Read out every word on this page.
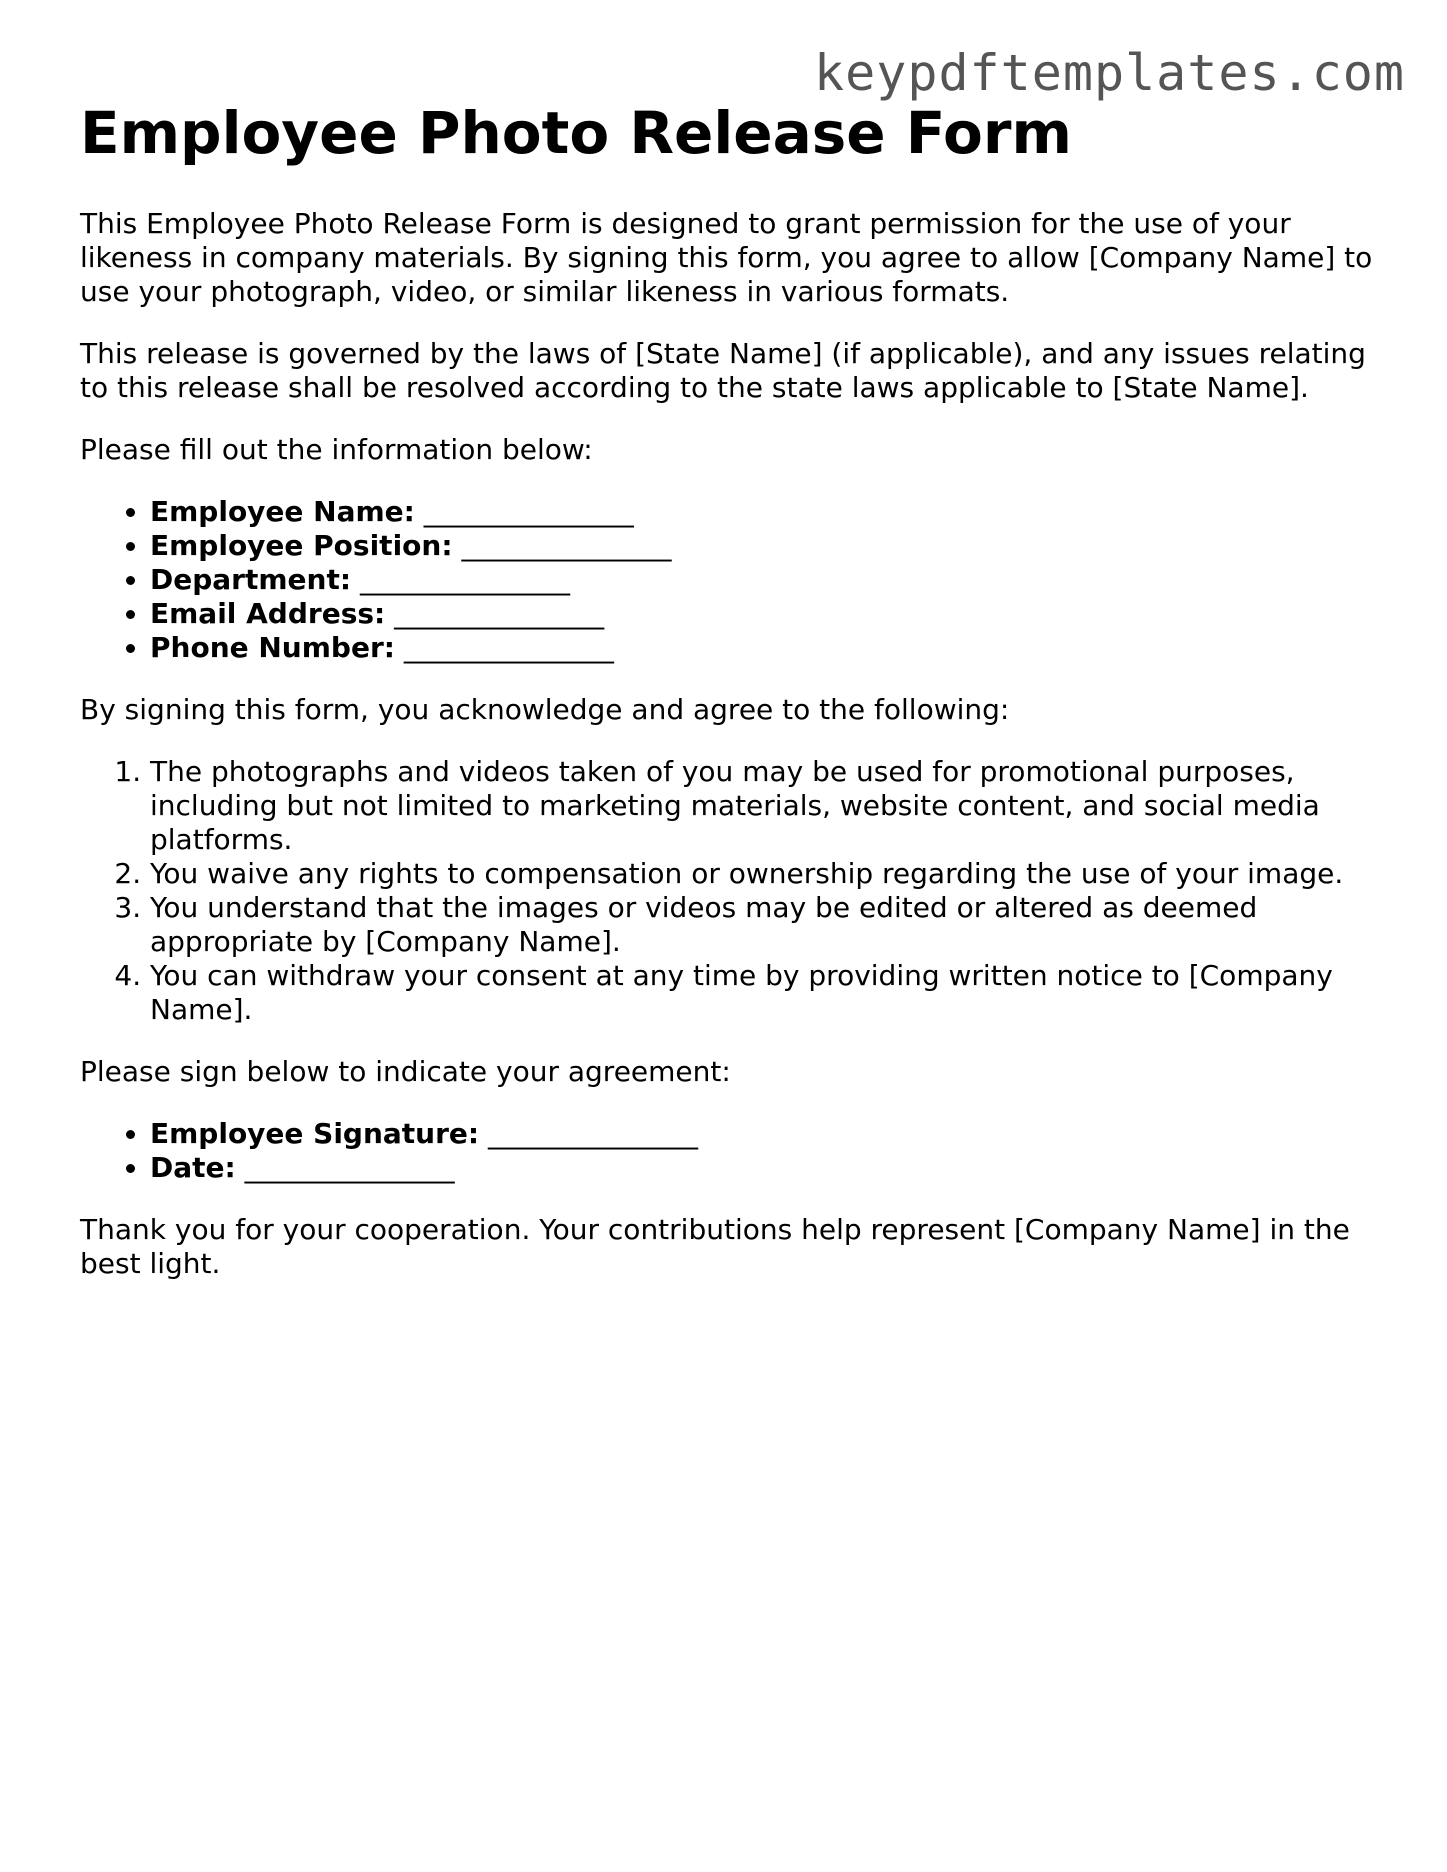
keypdftemplates.com
Employee Photo Release Form

This Employee Photo Release Form is designed to grant permission for the use of your likeness in company materials. By signing this form, you agree to allow [Company Name] to use your photograph, video, or similar likeness in various formats.

This release is governed by the laws of [State Name] (if applicable), and any issues relating to this release shall be resolved according to the state laws applicable to [State Name].

Please fill out the information below:

• Employee Name: _______________
• Employee Position: _______________
• Department: _______________
• Email Address: _______________
• Phone Number: _______________

By signing this form, you acknowledge and agree to the following:

1. The photographs and videos taken of you may be used for promotional purposes, including but not limited to marketing materials, website content, and social media platforms.
2. You waive any rights to compensation or ownership regarding the use of your image.
3. You understand that the images or videos may be edited or altered as deemed appropriate by [Company Name].
4. You can withdraw your consent at any time by providing written notice to [Company Name].

Please sign below to indicate your agreement:

• Employee Signature: _______________
• Date: _______________

Thank you for your cooperation. Your contributions help represent [Company Name] in the best light.
